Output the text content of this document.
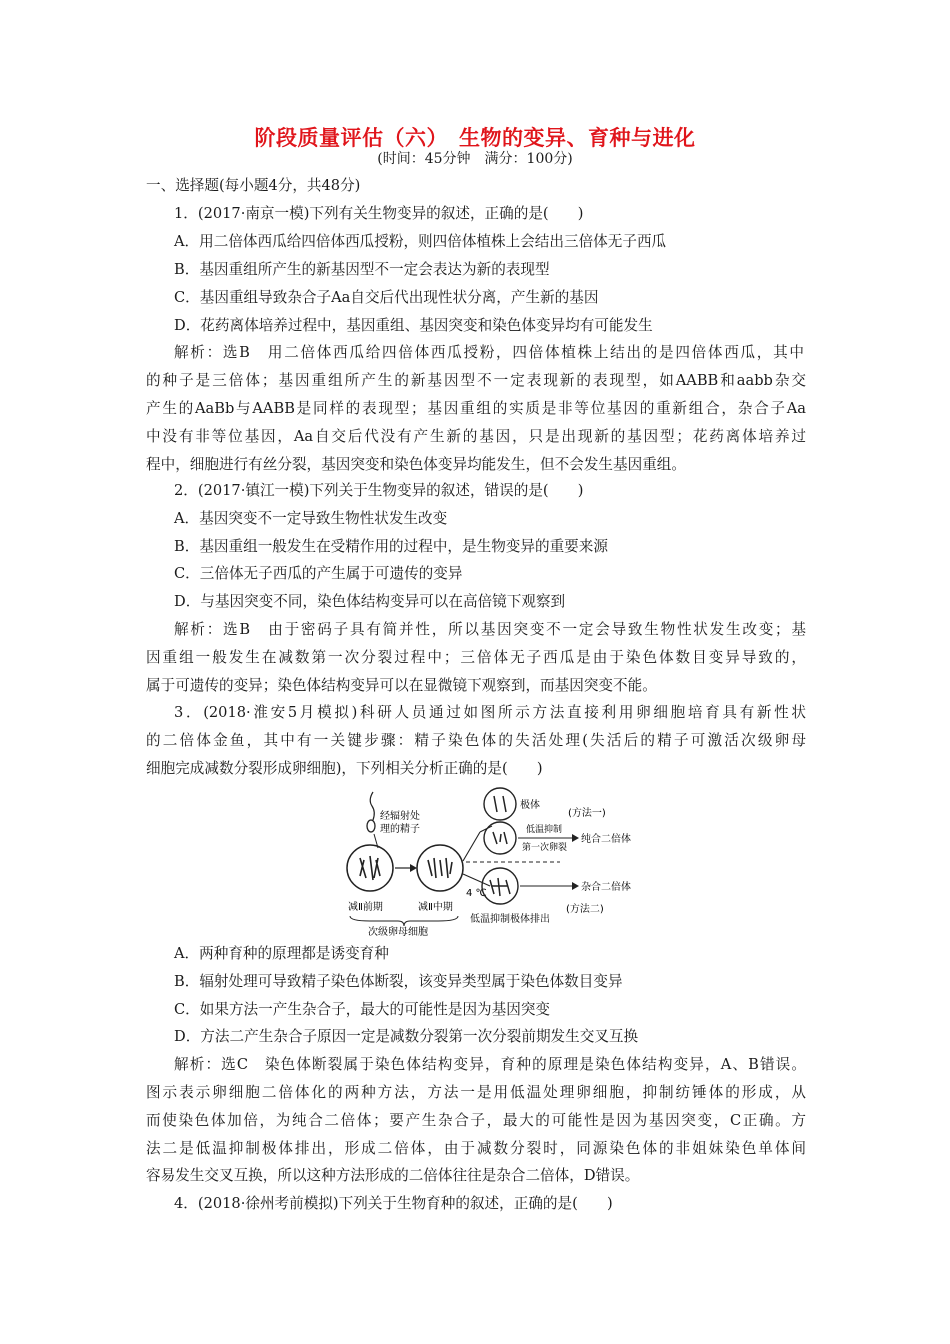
阶段质量评估（六）　生物的变异、育种与进化
(时间：45分钟　满分：100分)
一、选择题(每小题4分，共48分)
1．(2017·南京一模)下列有关生物变异的叙述，正确的是(　　)
A．用二倍体西瓜给四倍体西瓜授粉，则四倍体植株上会结出三倍体无子西瓜
B．基因重组所产生的新基因型不一定会表达为新的表现型
C．基因重组导致杂合子Aa自交后代出现性状分离，产生新的基因
D．花药离体培养过程中，基因重组、基因突变和染色体变异均有可能发生
解析：选B　用二倍体西瓜给四倍体西瓜授粉，四倍体植株上结出的是四倍体西瓜，其中
的种子是三倍体；基因重组所产生的新基因型不一定表现新的表现型，如AABB和aabb杂交
产生的AaBb与AABB是同样的表现型；基因重组的实质是非等位基因的重新组合，杂合子Aa
中没有非等位基因，Aa自交后代没有产生新的基因，只是出现新的基因型；花药离体培养过
程中，细胞进行有丝分裂，基因突变和染色体变异均能发生，但不会发生基因重组。
2．(2017·镇江一模)下列关于生物变异的叙述，错误的是(　　)
A．基因突变不一定导致生物性状发生改变
B．基因重组一般发生在受精作用的过程中，是生物变异的重要来源
C．三倍体无子西瓜的产生属于可遗传的变异
D．与基因突变不同，染色体结构变异可以在高倍镜下观察到
解析：选B　由于密码子具有简并性，所以基因突变不一定会导致生物性状发生改变；基
因重组一般发生在减数第一次分裂过程中；三倍体无子西瓜是由于染色体数目变异导致的，
属于可遗传的变异；染色体结构变异可以在显微镜下观察到，而基因突变不能。
3．(2018·淮安5月模拟)科研人员通过如图所示方法直接利用卵细胞培育具有新性状
的二倍体金鱼，其中有一关键步骤：精子染色体的失活处理(失活后的精子可激活次级卵母
细胞完成减数分裂形成卵细胞)，下列相关分析正确的是(　　)
经辐射处
理的精子
4 ℃
极体
(方法一)
低温抑制
第一次卵裂
纯合二倍体
杂合二倍体
(方法二)
减Ⅱ前期	减Ⅱ中期
次级卵母细胞
低温抑制极体排出
A．两种育种的原理都是诱变育种
B．辐射处理可导致精子染色体断裂，该变异类型属于染色体数目变异
C．如果方法一产生杂合子，最大的可能性是因为基因突变
D．方法二产生杂合子原因一定是减数分裂第一次分裂前期发生交叉互换
解析：选C　染色体断裂属于染色体结构变异，育种的原理是染色体结构变异，A、B错误。
图示表示卵细胞二倍体化的两种方法，方法一是用低温处理卵细胞，抑制纺锤体的形成，从
而使染色体加倍，为纯合二倍体；要产生杂合子，最大的可能性是因为基因突变，C正确。方
法二是低温抑制极体排出，形成二倍体，由于减数分裂时，同源染色体的非姐妹染色单体间
容易发生交叉互换，所以这种方法形成的二倍体往往是杂合二倍体，D错误。
4．(2018·徐州考前模拟)下列关于生物育种的叙述，正确的是(　　)
